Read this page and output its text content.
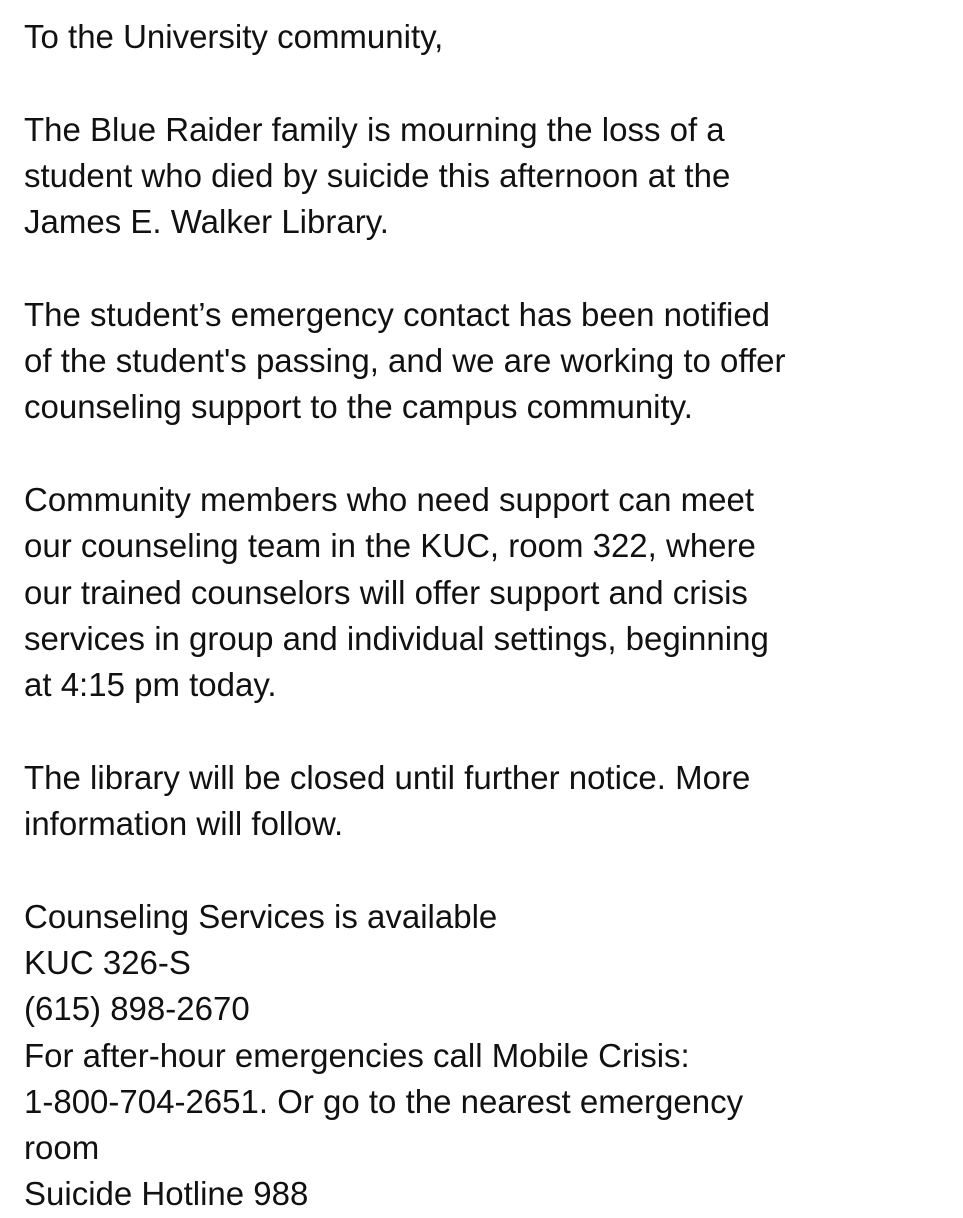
To the University community,
The Blue Raider family is mourning the loss of a
student who died by suicide this afternoon at the
James E. Walker Library.
The student’s emergency contact has been notified
of the student's passing, and we are working to offer
counseling support to the campus community.
Community members who need support can meet
our counseling team in the KUC, room 322, where
our trained counselors will offer support and crisis
services in group and individual settings, beginning
at 4:15 pm today.
The library will be closed until further notice. More
information will follow.
Counseling Services is available
KUC 326-S
(615) 898-2670
For after-hour emergencies call Mobile Crisis:
1-800-704-2651. Or go to the nearest emergency
room
Suicide Hotline 988
